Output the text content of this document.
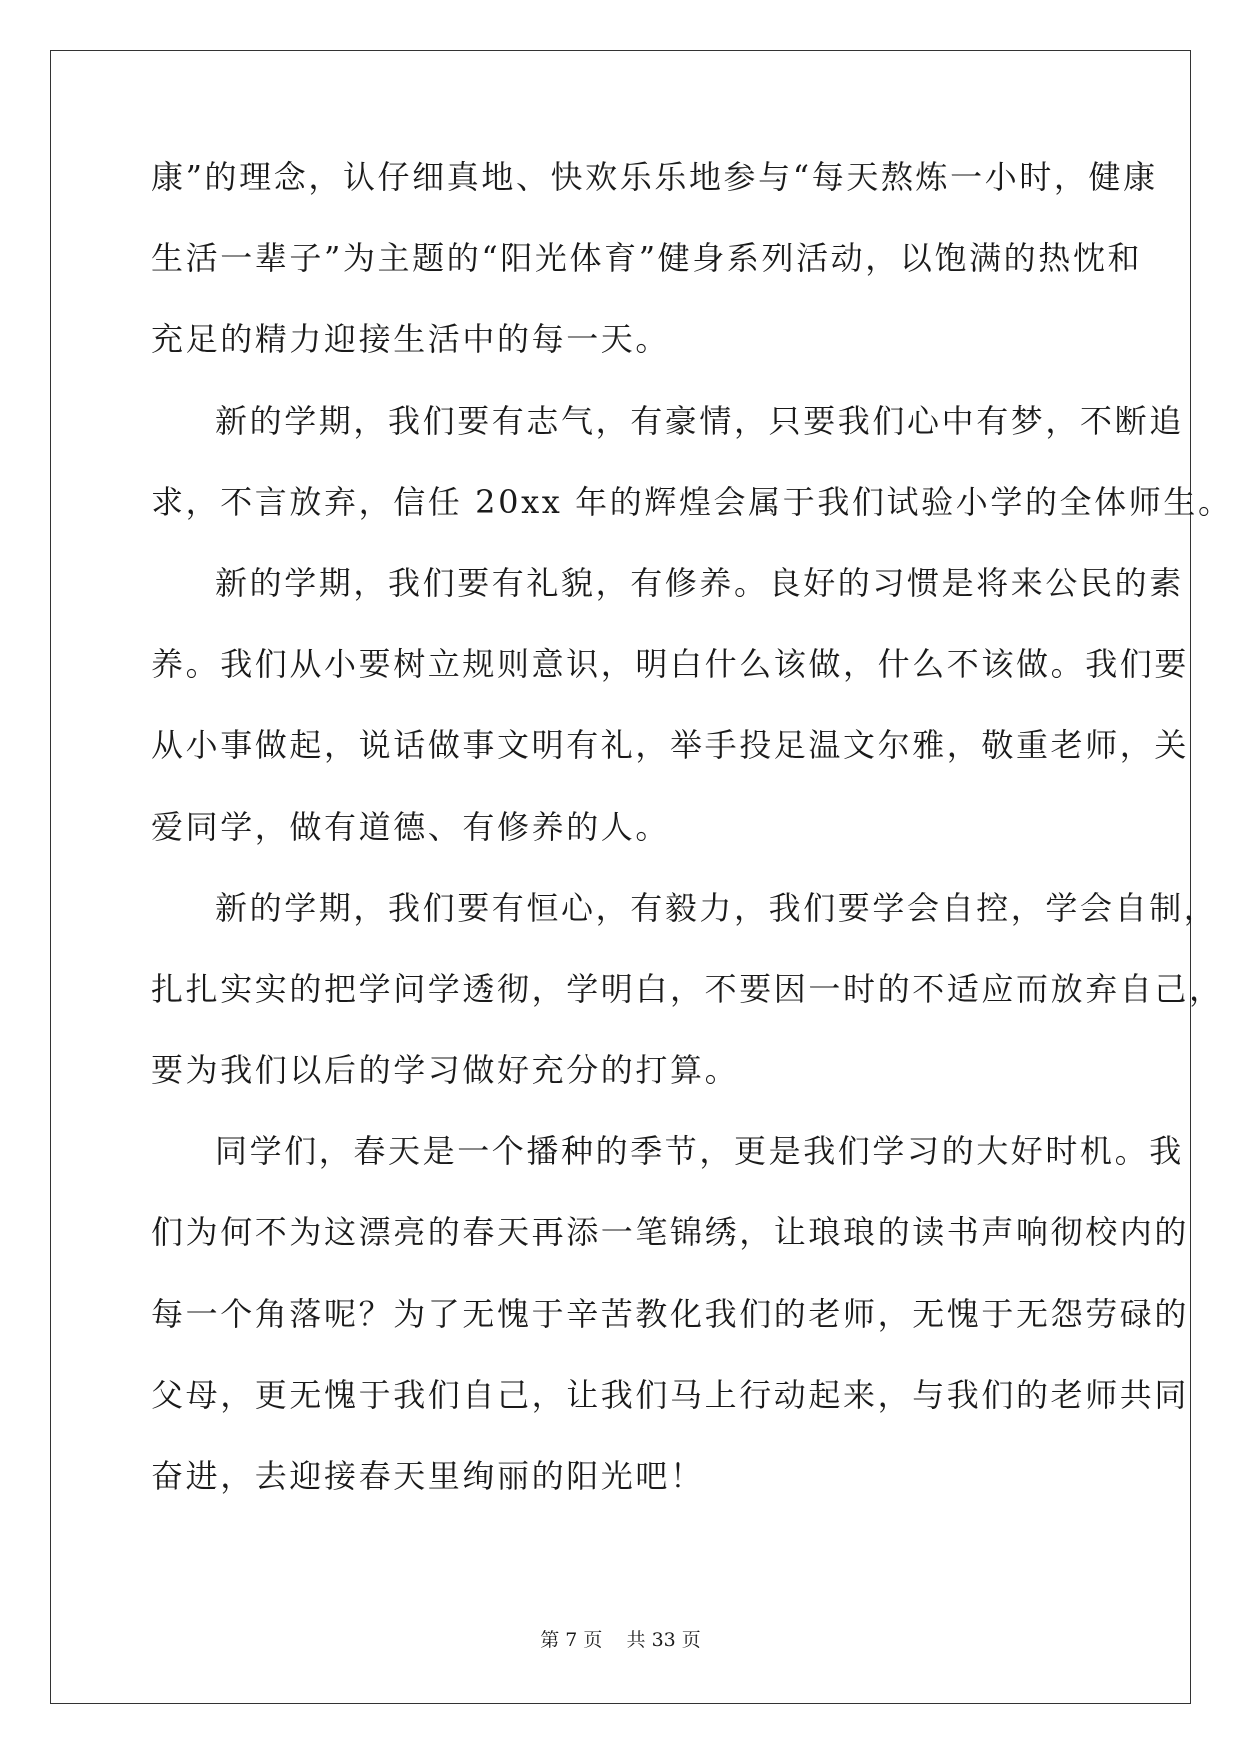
康”的理念，认仔细真地、快欢乐乐地参与“每天熬炼一小时，健康
生活一辈子”为主题的“阳光体育”健身系列活动，以饱满的热忱和
充足的精力迎接生活中的每一天。
新的学期，我们要有志气，有豪情，只要我们心中有梦，不断追
求，不言放弃，信任 20xx 年的辉煌会属于我们试验小学的全体师生。
新的学期，我们要有礼貌，有修养。良好的习惯是将来公民的素
养。我们从小要树立规则意识，明白什么该做，什么不该做。我们要
从小事做起，说话做事文明有礼，举手投足温文尔雅，敬重老师，关
爱同学，做有道德、有修养的人。
新的学期，我们要有恒心，有毅力，我们要学会自控，学会自制，
扎扎实实的把学问学透彻，学明白，不要因一时的不适应而放弃自己，
要为我们以后的学习做好充分的打算。
同学们，春天是一个播种的季节，更是我们学习的大好时机。我
们为何不为这漂亮的春天再添一笔锦绣，让琅琅的读书声响彻校内的
每一个角落呢？为了无愧于辛苦教化我们的老师，无愧于无怨劳碌的
父母，更无愧于我们自己，让我们马上行动起来，与我们的老师共同
奋进，去迎接春天里绚丽的阳光吧！
第 7 页 共 33 页
